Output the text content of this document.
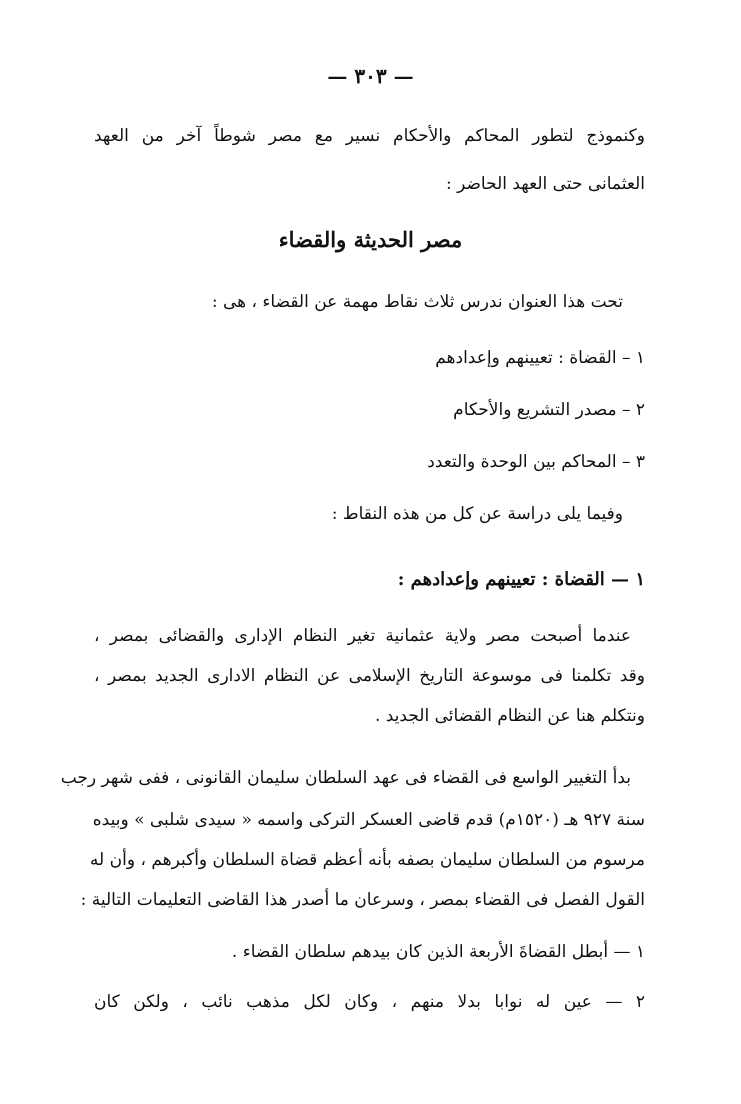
— ٣٠٣ —
وكنموذج لتطور المحاكم والأحكام نسير مع مصر شوطاً آخر من العهد
العثمانى حتى العهد الحاضر :
مصر الحديثة والقضاء
تحت هذا العنوان ندرس ثلاث نقاط مهمة عن القضاء ، هى :
١ – القضاة : تعيينهم وإعدادهم
٢ – مصدر التشريع والأحكام
٣ – المحاكم بين الوحدة والتعدد
وفيما يلى دراسة عن كل من هذه النقاط :
١ — القضاة : تعيينهم وإعدادهم :
عندما أصبحت مصر ولاية عثمانية تغير النظام الإدارى والقضائى بمصر ،
وقد تكلمنا فى موسوعة التاريخ الإسلامى عن النظام الادارى الجديد بمصر ،
ونتكلم هنا عن النظام القضائى الجديد .
بدأ التغيير الواسع فى القضاء فى عهد السلطان سليمان القانونى ، ففى شهر رجب
سنة ٩٢٧ هـ (١٥٢٠م) قدم قاضى العسكر التركى واسمه « سيدى شلبى » وبيده
مرسوم من السلطان سليمان بصفه بأنه أعظم قضاة السلطان وأكبرهم ، وأن له
القول الفصل فى القضاء بمصر ، وسرعان ما أصدر هذا القاضى التعليمات التالية :
١ — أبطل القضاةَ الأربعة الذين كان بيدهم سلطان القضاء .
٢ — عين له نوابا بدلا منهم ، وكان لكل مذهب نائب ، ولكن كان
